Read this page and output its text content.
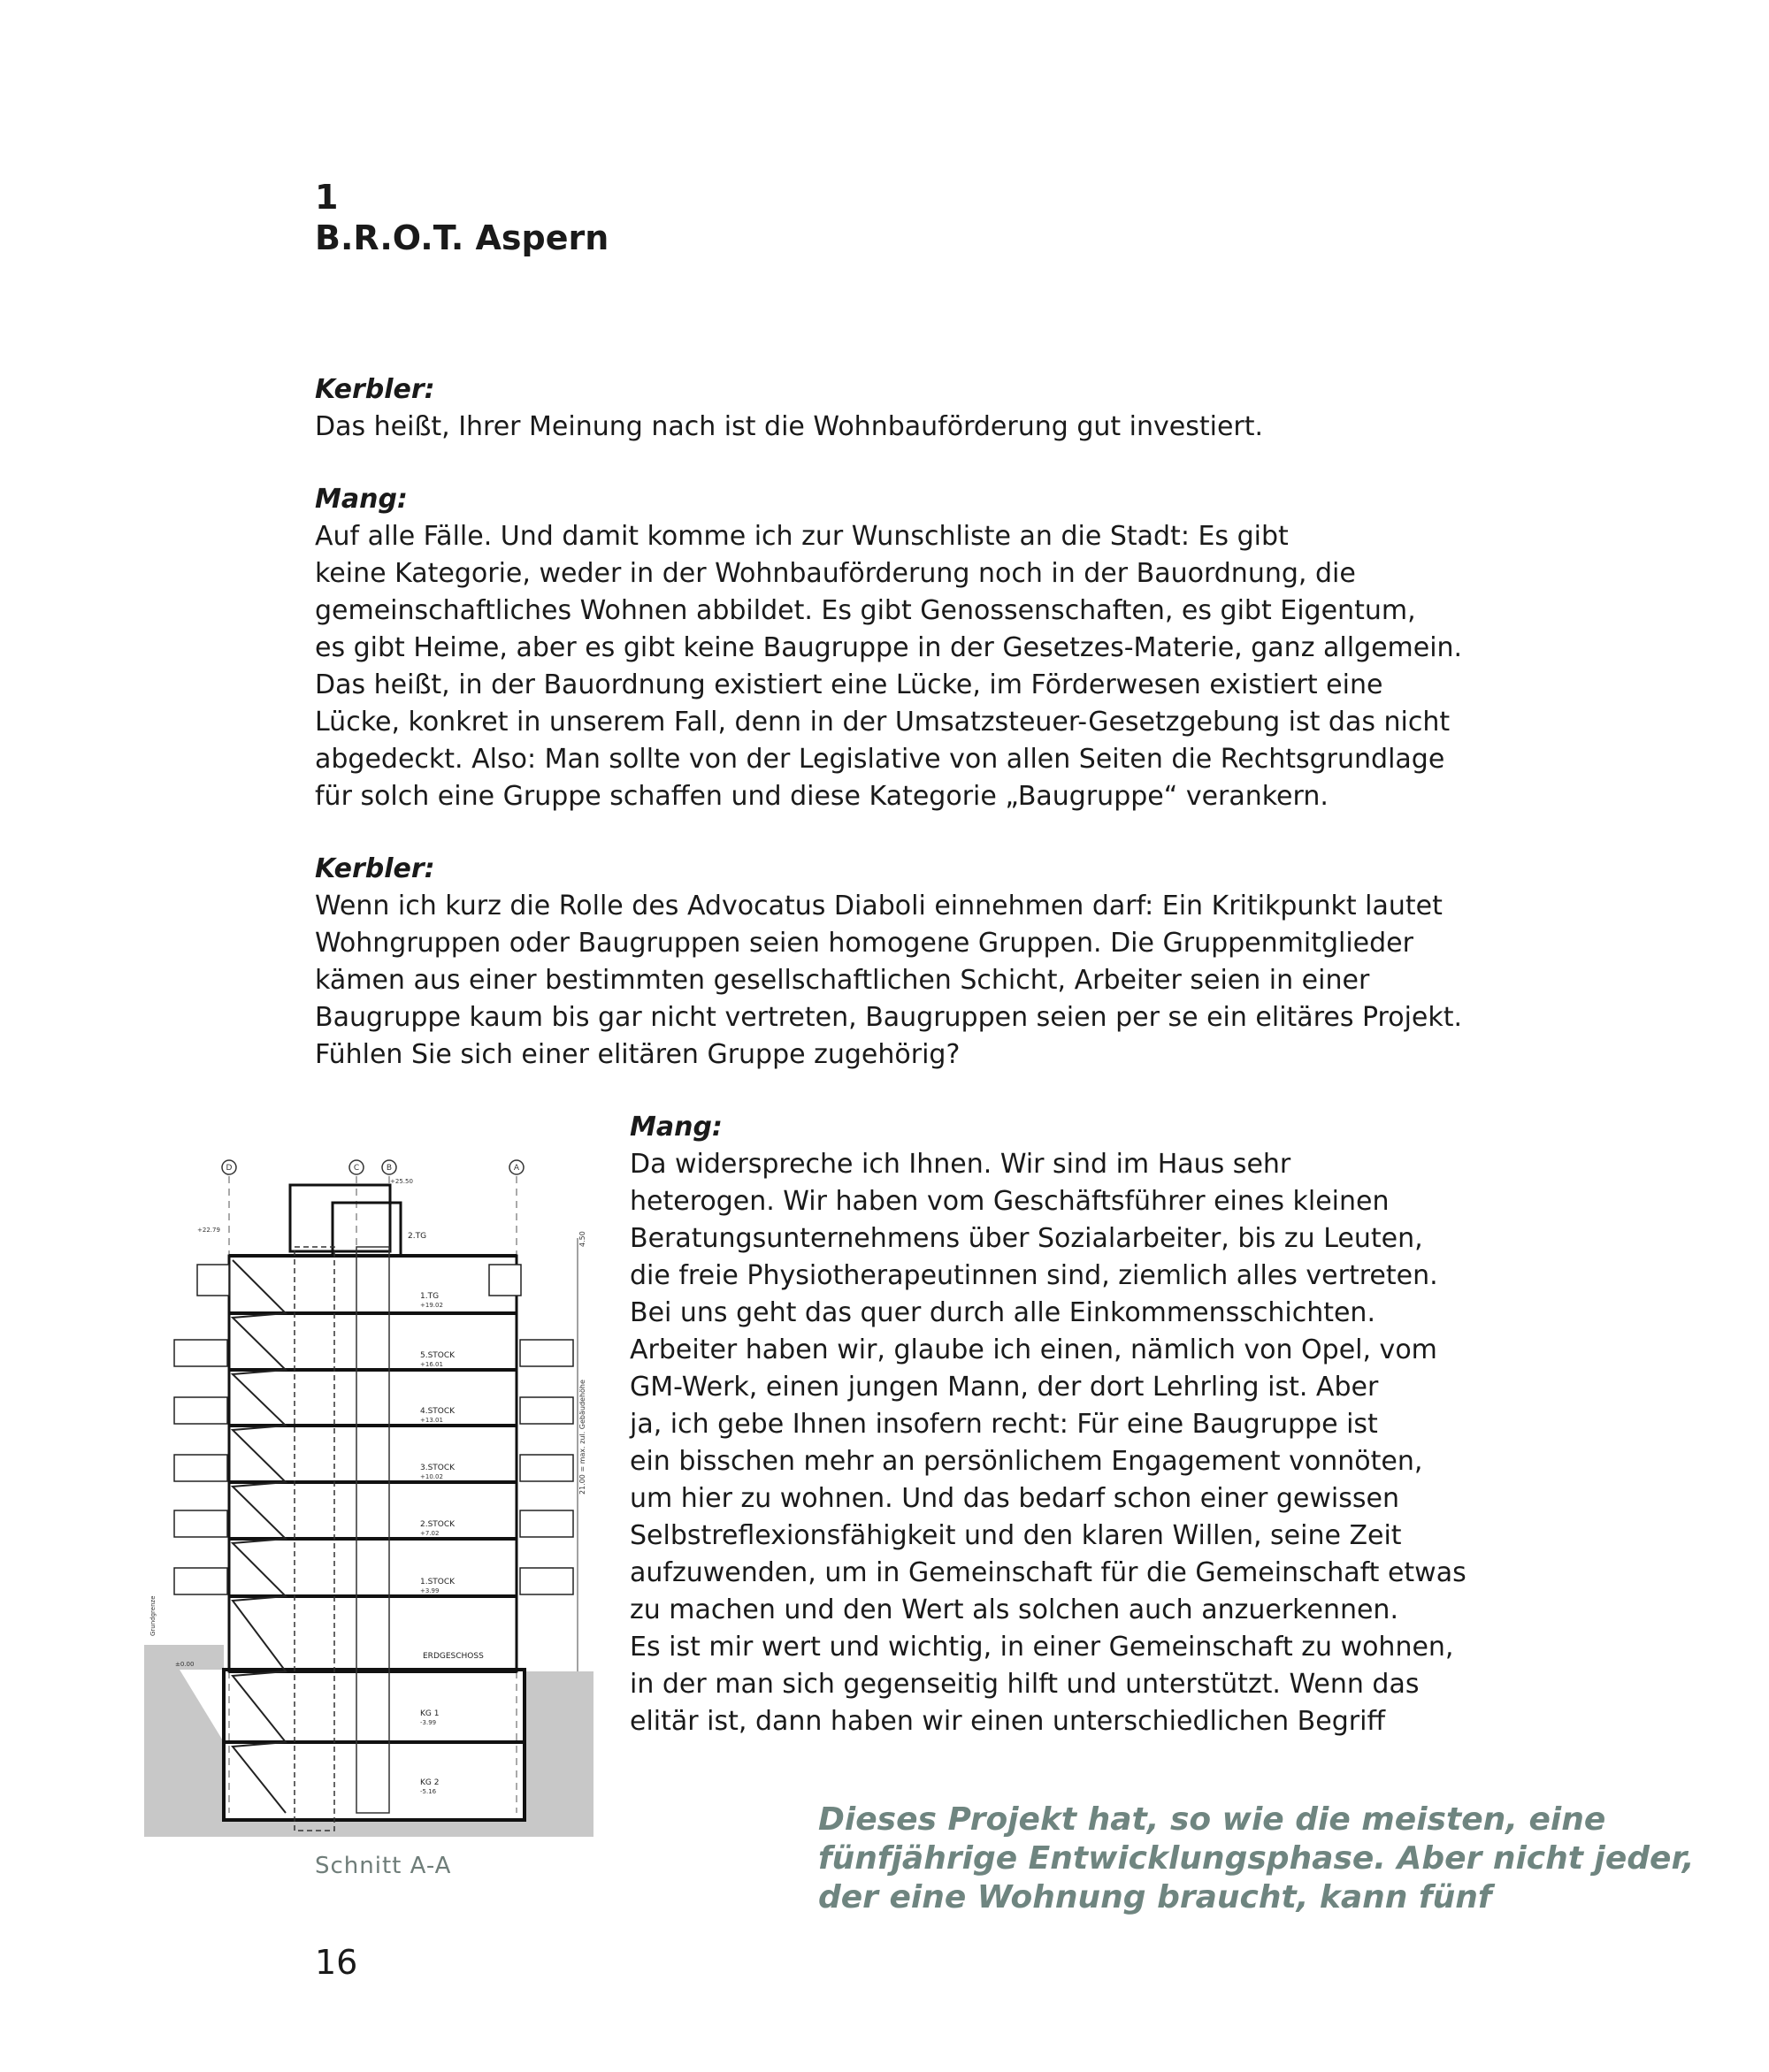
1
B.R.O.T. Aspern
Kerbler:

Das heißt, Ihrer Meinung nach ist die Wohnbauförderung gut investiert.

Mang:

Auf alle Fälle. Und damit komme ich zur Wunschliste an die Stadt: Es gibt
keine Kategorie, weder in der Wohnbauförderung noch in der Bauordnung, die
gemeinschaftliches Wohnen abbildet. Es gibt Genossenschaften, es gibt Eigentum,
es gibt Heime, aber es gibt keine Baugruppe in der Gesetzes-Materie, ganz allgemein.
Das heißt, in der Bauordnung existiert eine Lücke, im Förderwesen existiert eine
Lücke, konkret in unserem Fall, denn in der Umsatzsteuer-Gesetzgebung ist das nicht
abgedeckt. Also: Man sollte von der Legislative von allen Seiten die Rechtsgrundlage
für solch eine Gruppe schaffen und diese Kategorie „Baugruppe“ verankern.

Kerbler:

Wenn ich kurz die Rolle des Advocatus Diaboli einnehmen darf: Ein Kritikpunkt lautet
Wohngruppen oder Baugruppen seien homogene Gruppen. Die Gruppenmitglieder
kämen aus einer bestimmten gesellschaftlichen Schicht, Arbeiter seien in einer
Baugruppe kaum bis gar nicht vertreten, Baugruppen seien per se ein elitäres Projekt.
Fühlen Sie sich einer elitären Gruppe zugehörig?

Mang:

Da widerspreche ich Ihnen. Wir sind im Haus sehr
heterogen. Wir haben vom Geschäftsführer eines kleinen
Beratungsunternehmens über Sozialarbeiter, bis zu Leuten,
die freie Physiotherapeutinnen sind, ziemlich alles vertreten.
Bei uns geht das quer durch alle Einkommensschichten.
Arbeiter haben wir, glaube ich einen, nämlich von Opel, vom
GM-Werk, einen jungen Mann, der dort Lehrling ist. Aber
ja, ich gebe Ihnen insofern recht: Für eine Baugruppe ist
ein bisschen mehr an persönlichem Engagement vonnöten,
um hier zu wohnen. Und das bedarf schon einer gewissen
Selbstreflexionsfähigkeit und den klaren Willen, seine Zeit
aufzuwenden, um in Gemeinschaft für die Gemeinschaft etwas
zu machen und den Wert als solchen auch anzuerkennen.
Es ist mir wert und wichtig, in einer Gemeinschaft zu wohnen,
in der man sich gegenseitig hilft und unterstützt. Wenn das
elitär ist, dann haben wir einen unterschiedlichen Begriff

D	C	B	A
2.TG
1.TG
5.STOCK
4.STOCK
3.STOCK
2.STOCK
1.STOCK
ERDGESCHOSS
KG 1
KG 2
+25.50
+22.79
+19.02
+16.01
+13.01
+10.02
+7.02
+3.99
±0.00
-3.99
-5.16
21.00 = max. zul. Gebäudehöhe
4.50
Grundgrenze
Schnitt A-A
Dieses Projekt hat, so wie die meisten, eine
fünfjährige Entwicklungsphase. Aber nicht jeder,
der eine Wohnung braucht, kann fünf
16
